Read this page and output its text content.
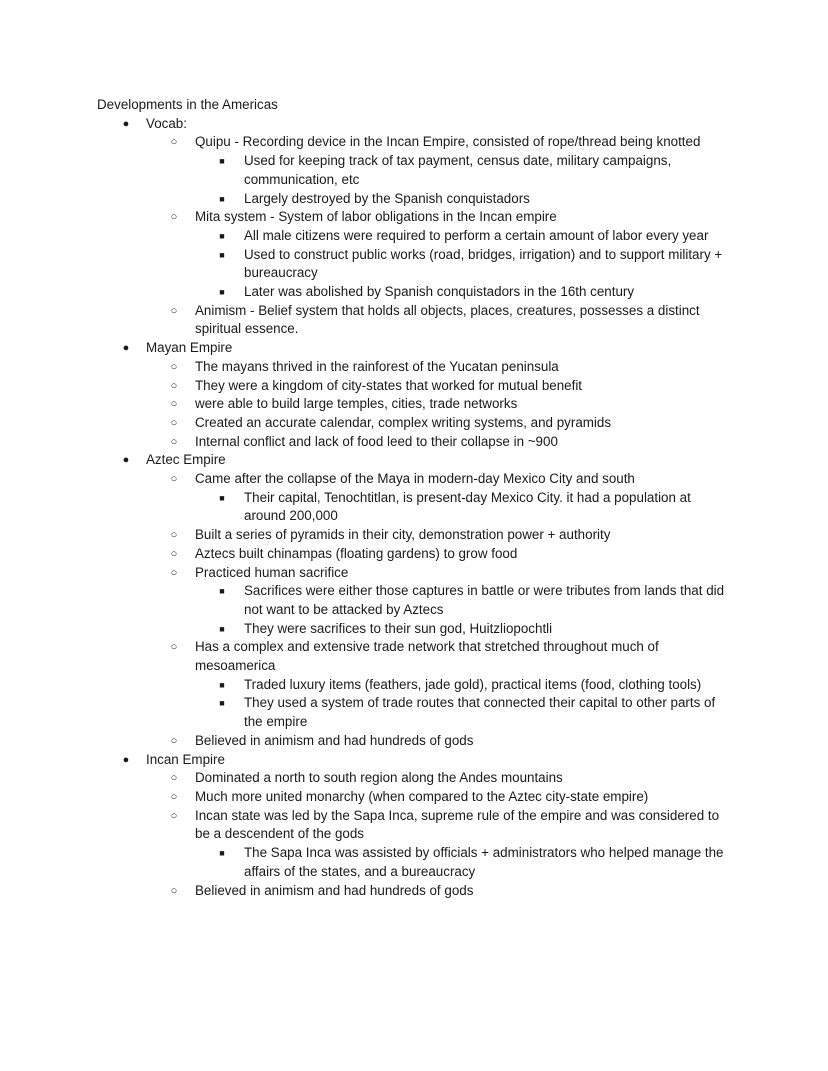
Developments in the Americas
●	Vocab:
○	Quipu - Recording device in the Incan Empire, consisted of rope/thread being knotted
■	Used for keeping track of tax payment, census date, military campaigns, communication, etc
■	Largely destroyed by the Spanish conquistadors
○	Mita system - System of labor obligations in the Incan empire
■	All male citizens were required to perform a certain amount of labor every year
■	Used to construct public works (road, bridges, irrigation) and to support military + bureaucracy
■	Later was abolished by Spanish conquistadors in the 16th century
○	Animism - Belief system that holds all objects, places, creatures, possesses a distinct spiritual essence.
●	Mayan Empire
○	The mayans thrived in the rainforest of the Yucatan peninsula
○	They were a kingdom of city-states that worked for mutual benefit
○	were able to build large temples, cities, trade networks
○	Created an accurate calendar, complex writing systems, and pyramids
○	Internal conflict and lack of food leed to their collapse in ~900
●	Aztec Empire
○	Came after the collapse of the Maya in modern-day Mexico City and south
■	Their capital, Tenochtitlan, is present-day Mexico City. it had a population at around 200,000
○	Built a series of pyramids in their city, demonstration power + authority
○	Aztecs built chinampas (floating gardens) to grow food
○	Practiced human sacrifice
■	Sacrifices were either those captures in battle or were tributes from lands that did not want to be attacked by Aztecs
■	They were sacrifices to their sun god, Huitzliopochtli
○	Has a complex and extensive trade network that stretched throughout much of mesoamerica
■	Traded luxury items (feathers, jade gold), practical items (food, clothing tools)
■	They used a system of trade routes that connected their capital to other parts of the empire
○	Believed in animism and had hundreds of gods
●	Incan Empire
○	Dominated a north to south region along the Andes mountains
○	Much more united monarchy (when compared to the Aztec city-state empire)
○	Incan state was led by the Sapa Inca, supreme rule of the empire and was considered to be a descendent of the gods
■	The Sapa Inca was assisted by officials + administrators who helped manage the affairs of the states, and a bureaucracy
○	Believed in animism and had hundreds of gods
